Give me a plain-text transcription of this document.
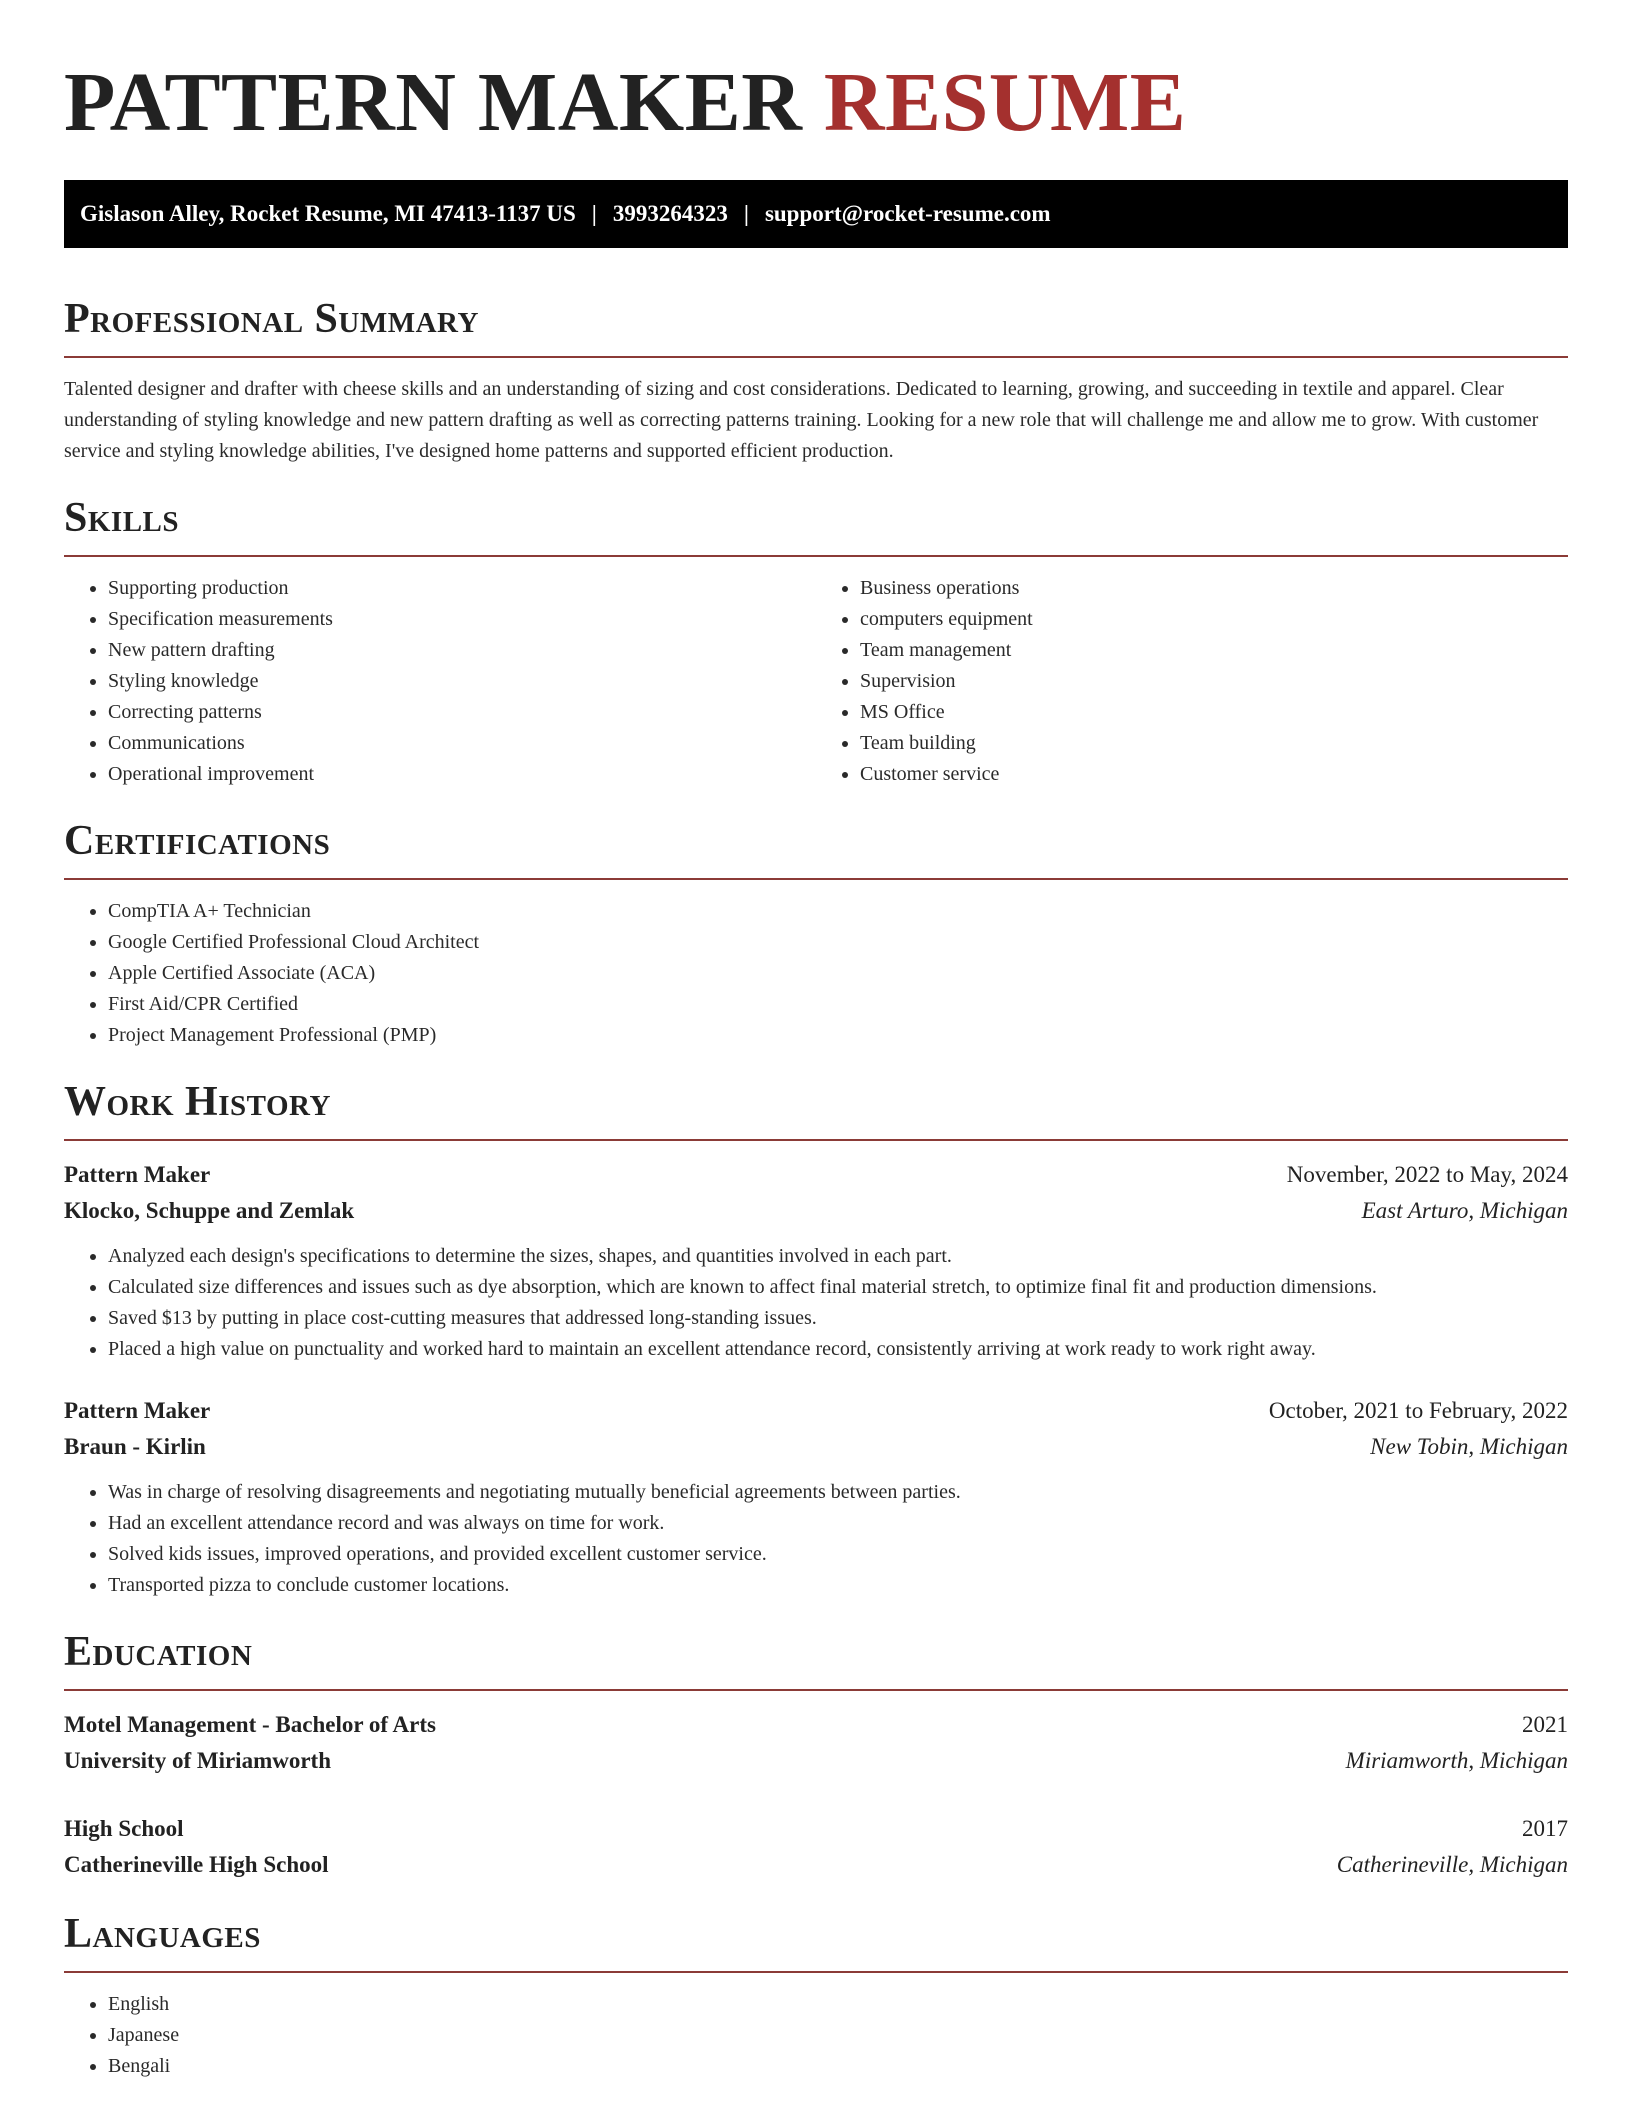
PATTERN MAKER RESUME
Gislason Alley, Rocket Resume, MI 47413-1137 US | 3993264323 | support@rocket-resume.com
Professional Summary

Talented designer and drafter with cheese skills and an understanding of sizing and cost considerations. Dedicated to learning, growing, and succeeding in textile and apparel. Clear understanding of styling knowledge and new pattern drafting as well as correcting patterns training. Looking for a new role that will challenge me and allow me to grow. With customer service and styling knowledge abilities, I've designed home patterns and supported efficient production.

Skills
• Supporting production
• Specification measurements
• New pattern drafting
• Styling knowledge
• Correcting patterns
• Communications
• Operational improvement
• Business operations
• computers equipment
• Team management
• Supervision
• MS Office
• Team building
• Customer service
Certifications
• CompTIA A+ Technician
• Google Certified Professional Cloud Architect
• Apple Certified Associate (ACA)
• First Aid/CPR Certified
• Project Management Professional (PMP)
Work History
Pattern Maker	November, 2022 to May, 2024
Klocko, Schuppe and Zemlak	East Arturo, Michigan
• Analyzed each design's specifications to determine the sizes, shapes, and quantities involved in each part.
• Calculated size differences and issues such as dye absorption, which are known to affect final material stretch, to optimize final fit and production dimensions.
• Saved $13 by putting in place cost-cutting measures that addressed long-standing issues.
• Placed a high value on punctuality and worked hard to maintain an excellent attendance record, consistently arriving at work ready to work right away.
Pattern Maker	October, 2021 to February, 2022
Braun - Kirlin	New Tobin, Michigan
• Was in charge of resolving disagreements and negotiating mutually beneficial agreements between parties.
• Had an excellent attendance record and was always on time for work.
• Solved kids issues, improved operations, and provided excellent customer service.
• Transported pizza to conclude customer locations.
Education
Motel Management - Bachelor of Arts	2021
University of Miriamworth	Miriamworth, Michigan
High School	2017
Catherineville High School	Catherineville, Michigan
Languages
• English
• Japanese
• Bengali
